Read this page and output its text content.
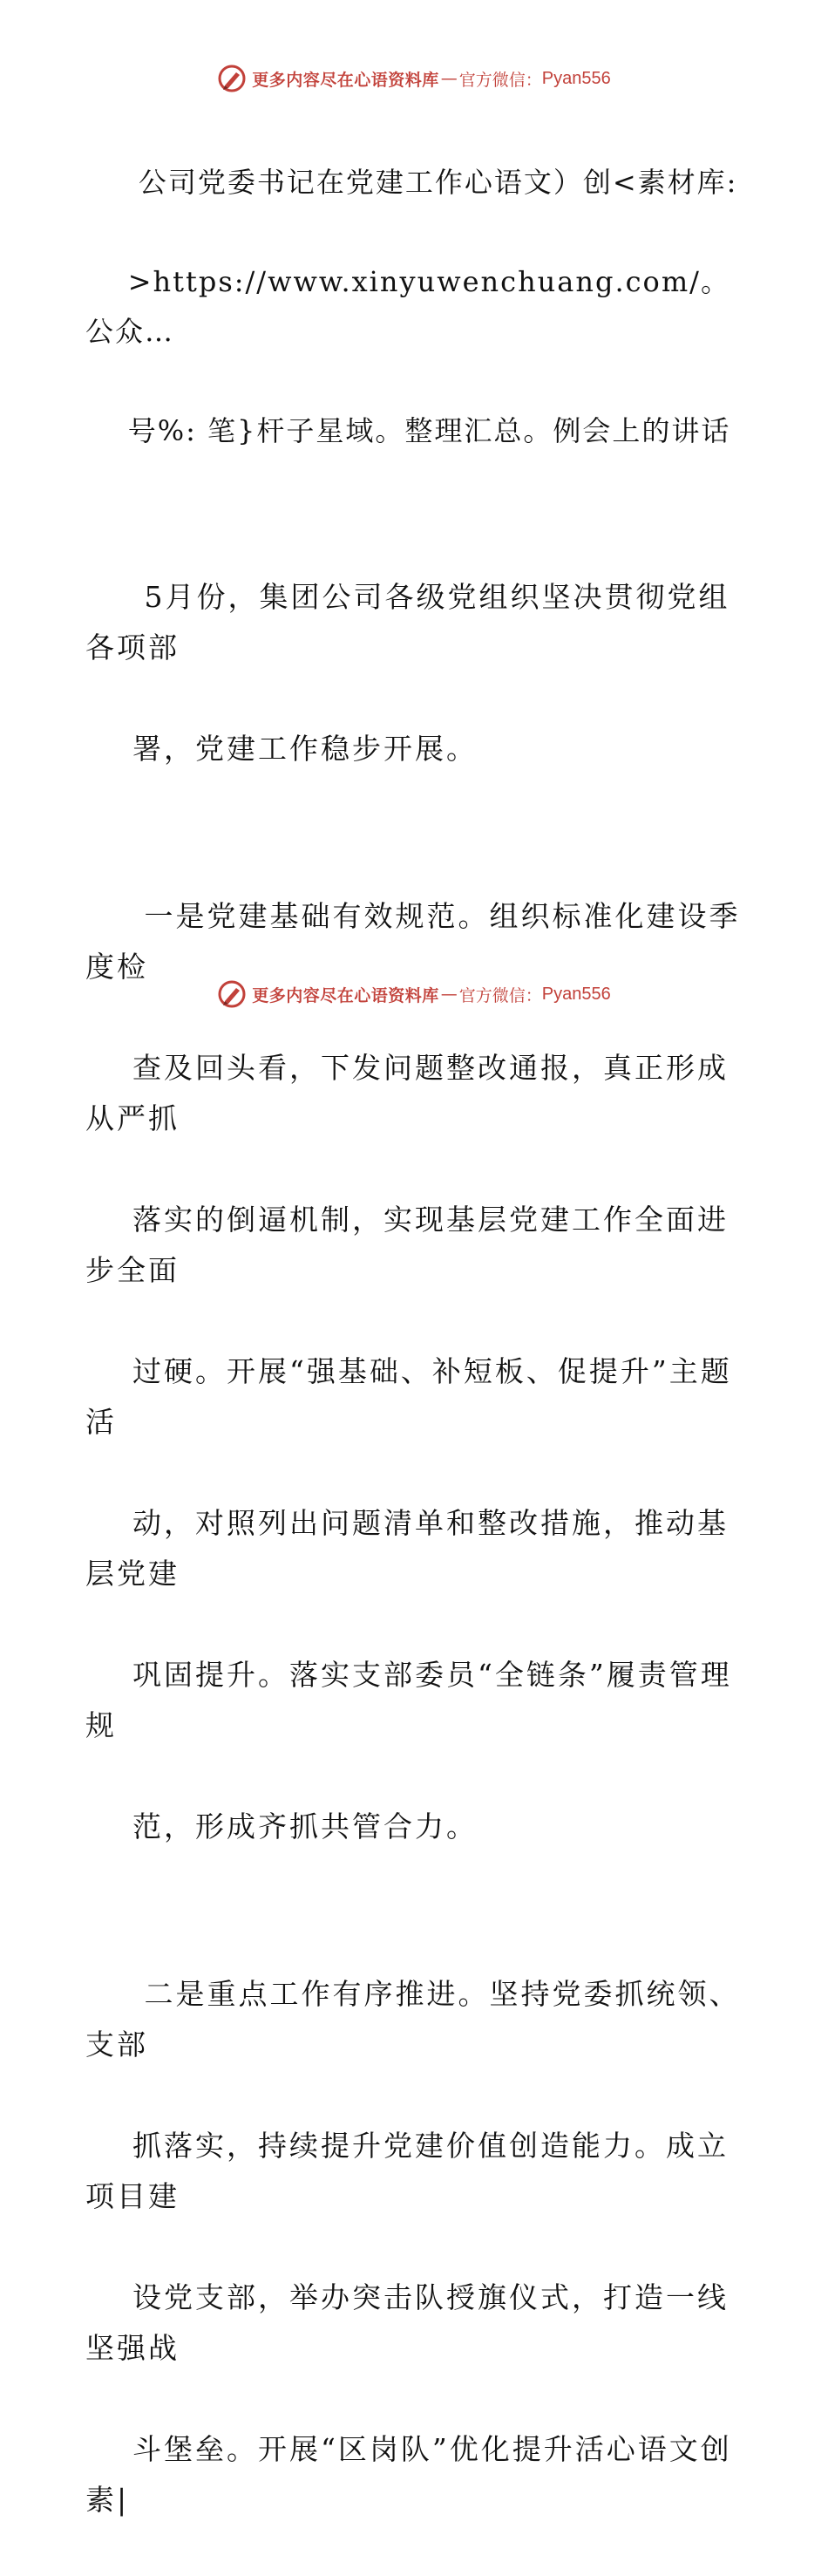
更多内容尽在心语资料库 — 官方微信： Pyan556

公司党委书记在党建工作心语文）创<素材库:

>https://www.xinyuwenchuang.com/。公众…

号%: 笔}杆子星域。整理汇总。例会上的讲话

5月份，集团公司各级党组织坚决贯彻党组各项部

署，党建工作稳步开展。

一是党建基础有效规范。组织标准化建设季度检

查及回头看，下发问题整改通报，真正形成从严抓

落实的倒逼机制，实现基层党建工作全面进步全面

过硬。开展“强基础、补短板、促提升”主题活

动，对照列出问题清单和整改措施，推动基层党建

巩固提升。落实支部委员“全链条”履责管理规

范，形成齐抓共管合力。

二是重点工作有序推进。坚持党委抓统领、支部

抓落实，持续提升党建价值创造能力。成立项目建

设党支部，举办突击队授旗仪式，打造一线坚强战

斗堡垒。开展“区岗队”优化提升活心语文创素|

更多内容尽在心语资料库 — 官方微信： Pyan556
